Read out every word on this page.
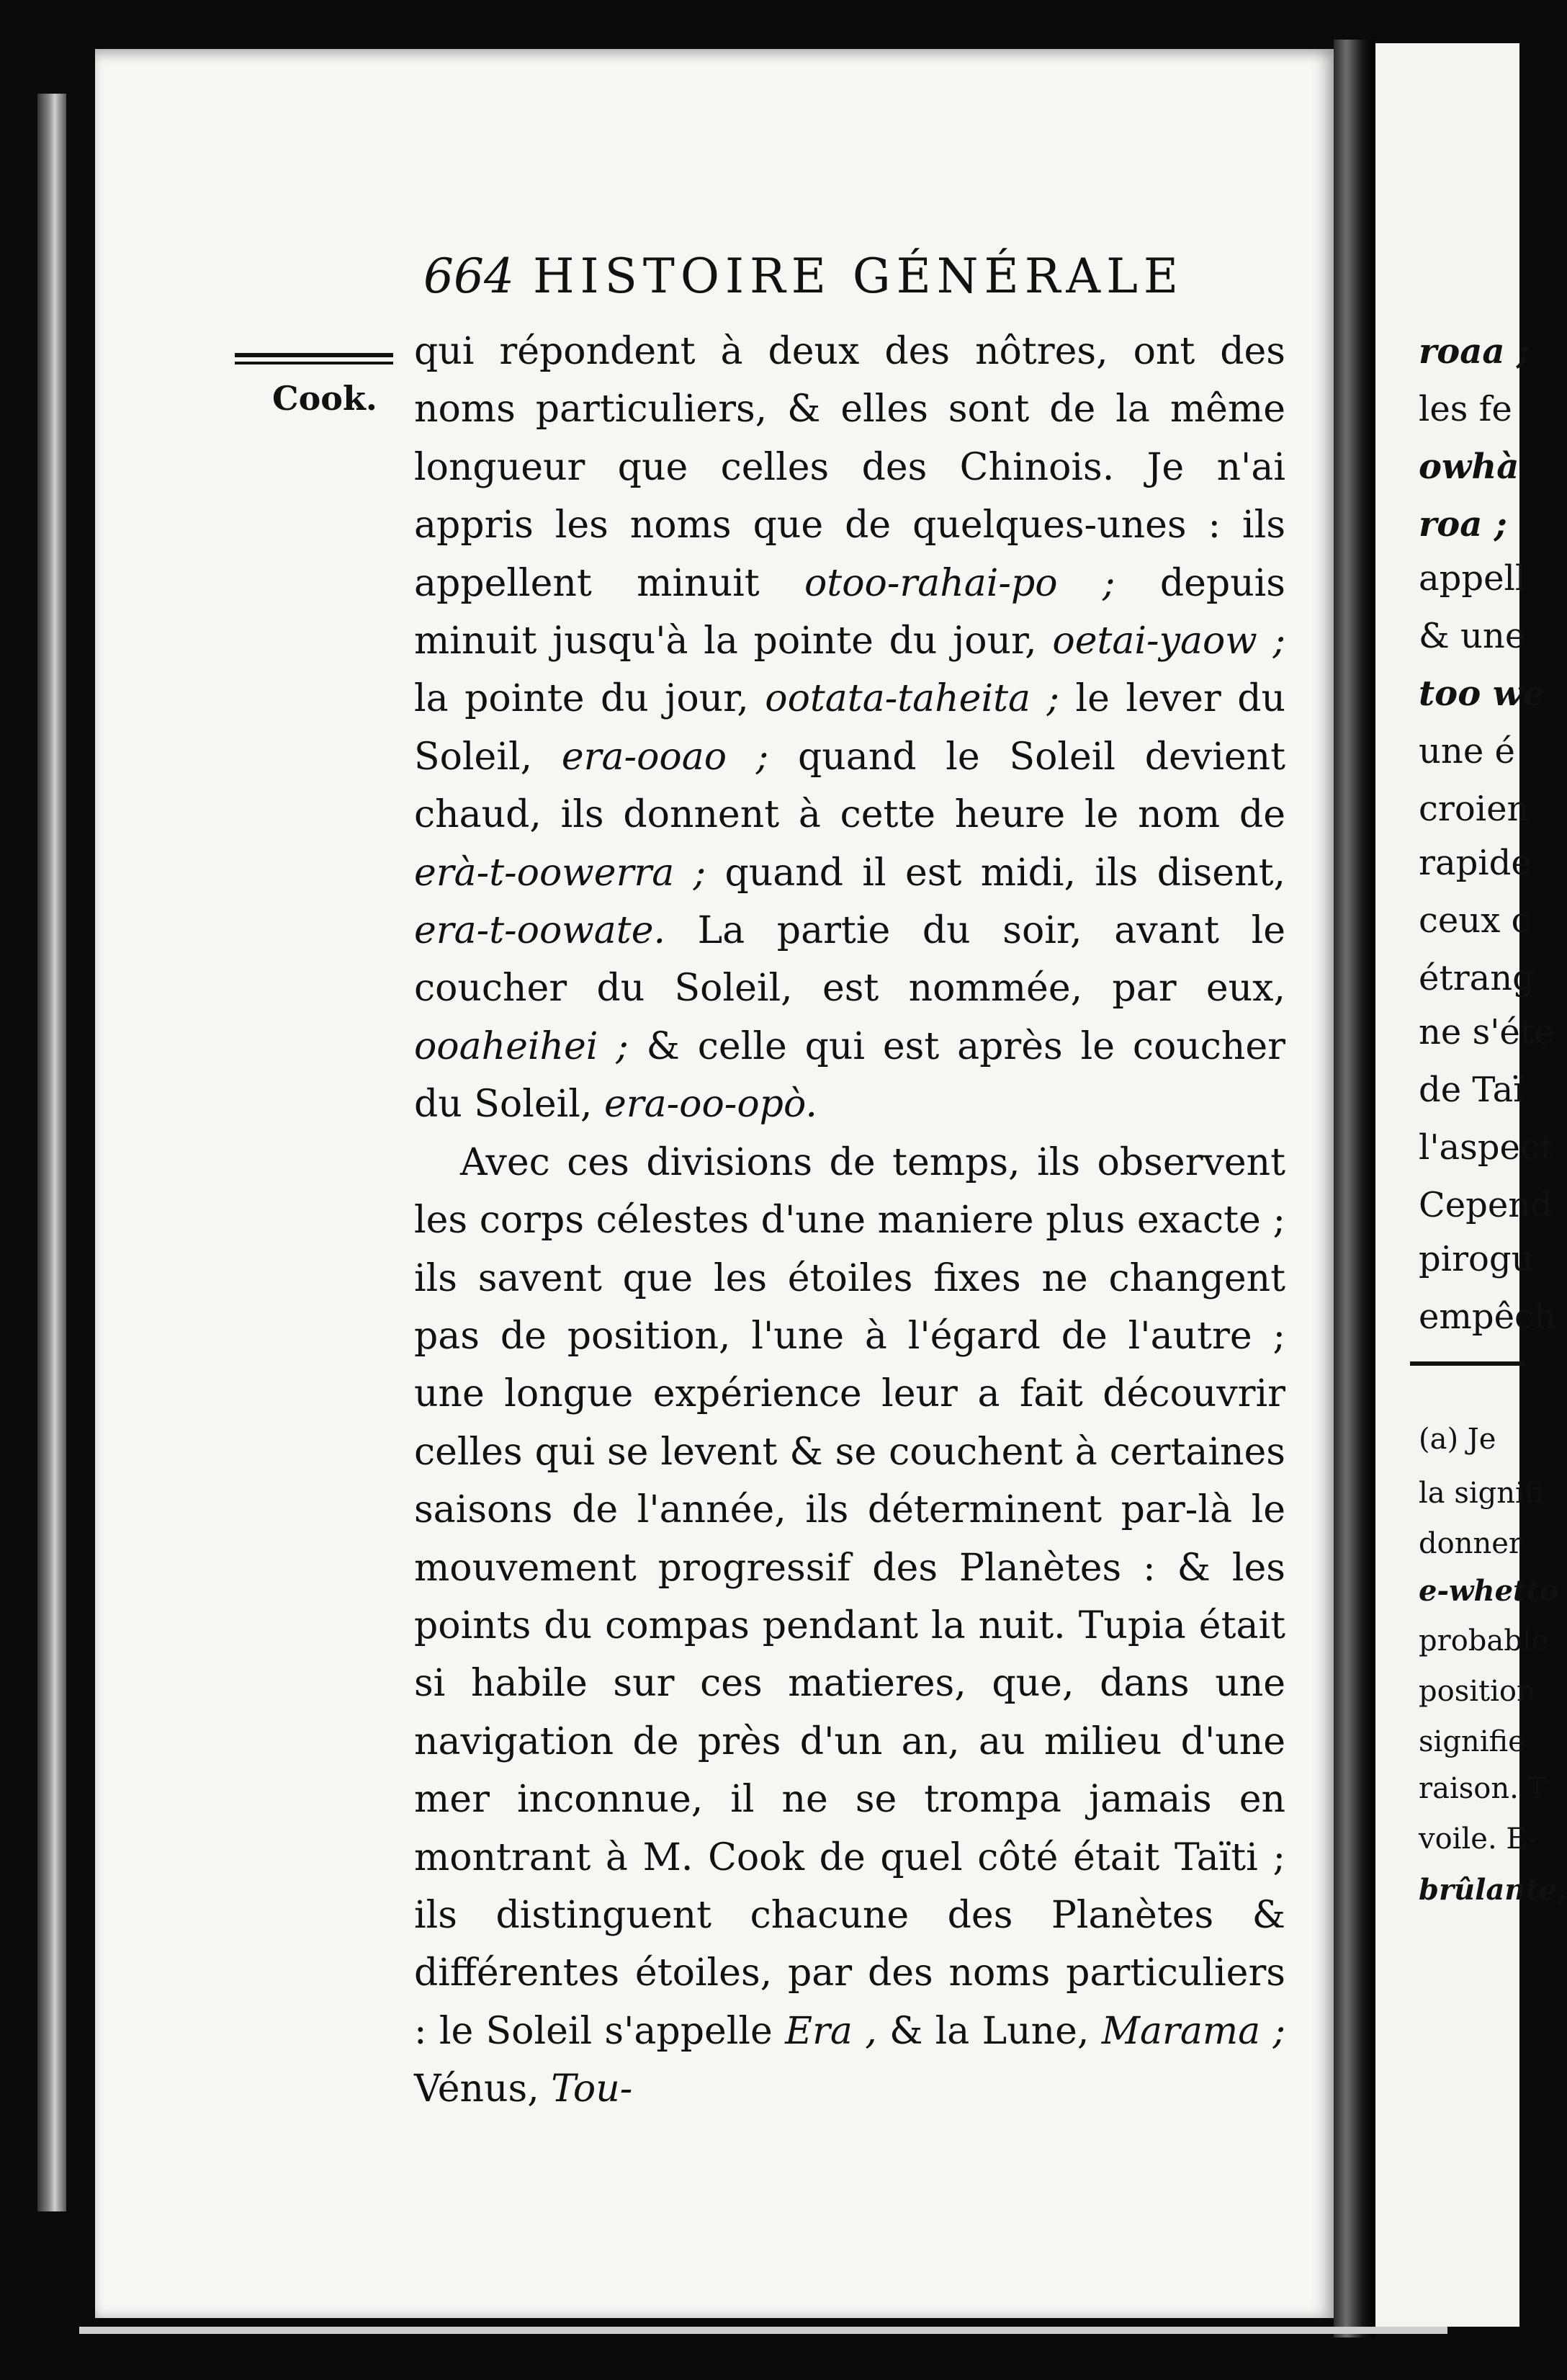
roaa ;
les fe
owhà
roa ;
appell
& une
too we
une é
croien
rapide
ceux c
étrang
ne s'éte
de Taï
l'aspect
Cepend
pirogu
empêch
(a) Je
la signifi
donner
e-whetto
probable
position
signifie
raison. T
voile. E-
brûlante,
664 HISTOIRE GÉNÉRALE
Cook.

qui répondent à deux des nôtres, ont des noms particuliers, & elles sont de la même longueur que celles des Chinois. Je n'ai appris les noms que de quelques-unes : ils appellent minuit otoo-rahai-po ; depuis minuit jusqu'à la pointe du jour, oetai-yaow ; la pointe du jour, ootata-taheita ; le lever du Soleil, era-ooao ; quand le Soleil devient chaud, ils donnent à cette heure le nom de erà-t-oowerra ; quand il est midi, ils disent, era-t-oowate. La partie du soir, avant le coucher du Soleil, est nommée, par eux, ooaheihei ; & celle qui est après le coucher du Soleil, era-oo-opò.

Avec ces divisions de temps, ils observent les corps célestes d'une maniere plus exacte ; ils savent que les étoiles fixes ne changent pas de position, l'une à l'égard de l'autre ; une longue expérience leur a fait découvrir celles qui se levent & se couchent à certaines saisons de l'année, ils déterminent par-là le mouvement progressif des Planètes : & les points du compas pendant la nuit. Tupia était si habile sur ces matieres, que, dans une navigation de près d'un an, au milieu d'une mer inconnue, il ne se trompa jamais en montrant à M. Cook de quel côté était Taïti ; ils distinguent chacune des Planètes & différentes étoiles, par des noms particuliers : le Soleil s'appelle Era , & la Lune, Marama ; Vénus, Tou-
